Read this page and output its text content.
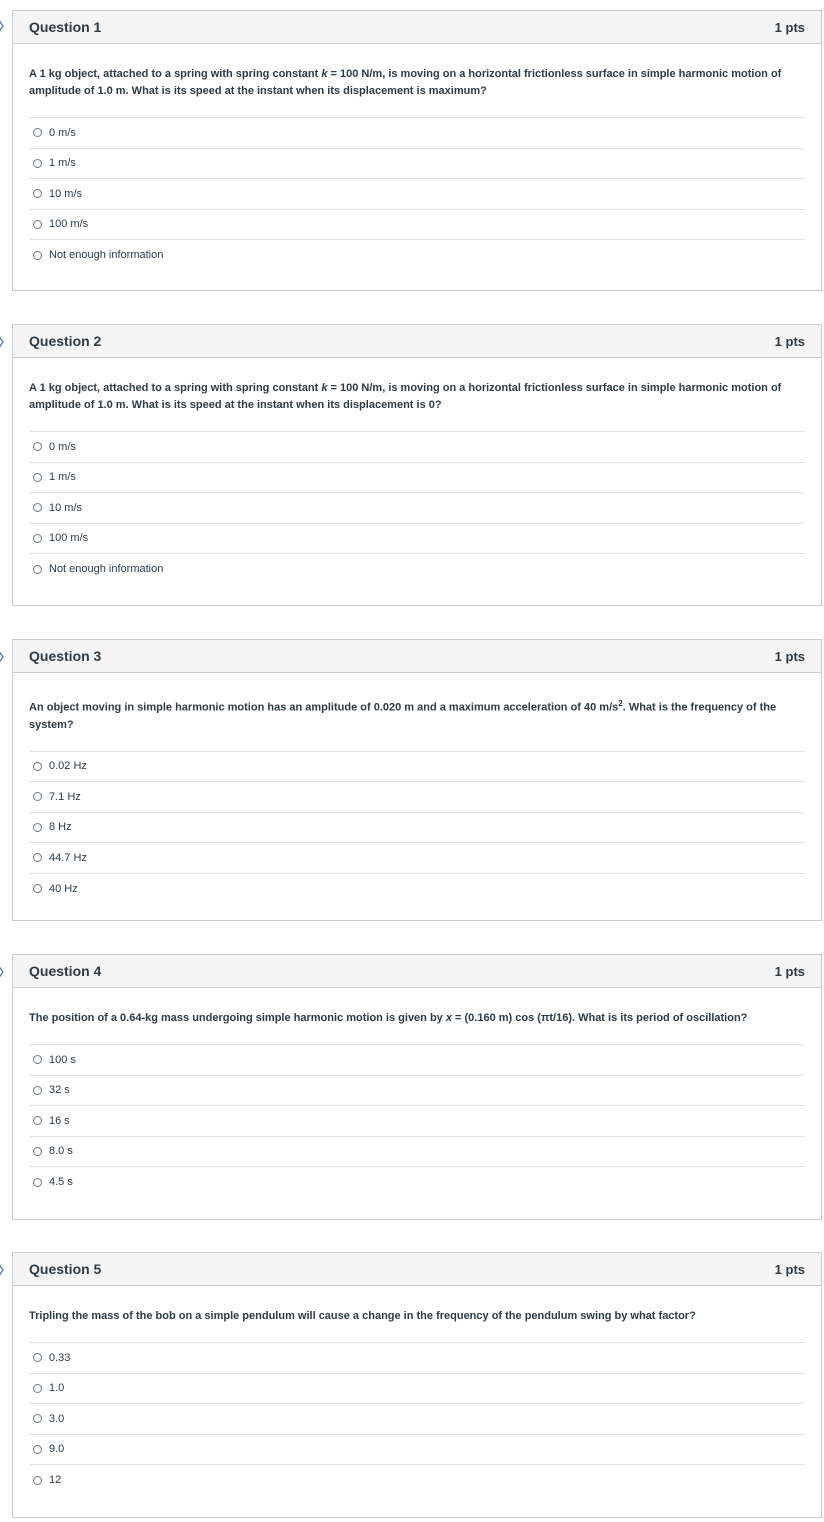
Question 1	1 pts

A 1 kg object, attached to a spring with spring constant k = 100 N/m, is moving on a horizontal frictionless surface in simple harmonic motion of amplitude of 1.0 m. What is its speed at the instant when its displacement is maximum?

0 m/s
1 m/s
10 m/s
100 m/s
Not enough information
Question 2	1 pts

A 1 kg object, attached to a spring with spring constant k = 100 N/m, is moving on a horizontal frictionless surface in simple harmonic motion of amplitude of 1.0 m. What is its speed at the instant when its displacement is 0?

0 m/s
1 m/s
10 m/s
100 m/s
Not enough information
Question 3	1 pts

An object moving in simple harmonic motion has an amplitude of 0.020 m and a maximum acceleration of 40 $m/s^2$. What is the frequency of the system?

0.02 Hz
7.1 Hz
8 Hz
44.7 Hz
40 Hz
Question 4	1 pts

The position of a 0.64-kg mass undergoing simple harmonic motion is given by x = (0.160 m) cos (πt/16). What is its period of oscillation?

100 s
32 s
16 s
8.0 s
4.5 s
Question 5	1 pts

Tripling the mass of the bob on a simple pendulum will cause a change in the frequency of the pendulum swing by what factor?

0.33
1.0
3.0
9.0
12
